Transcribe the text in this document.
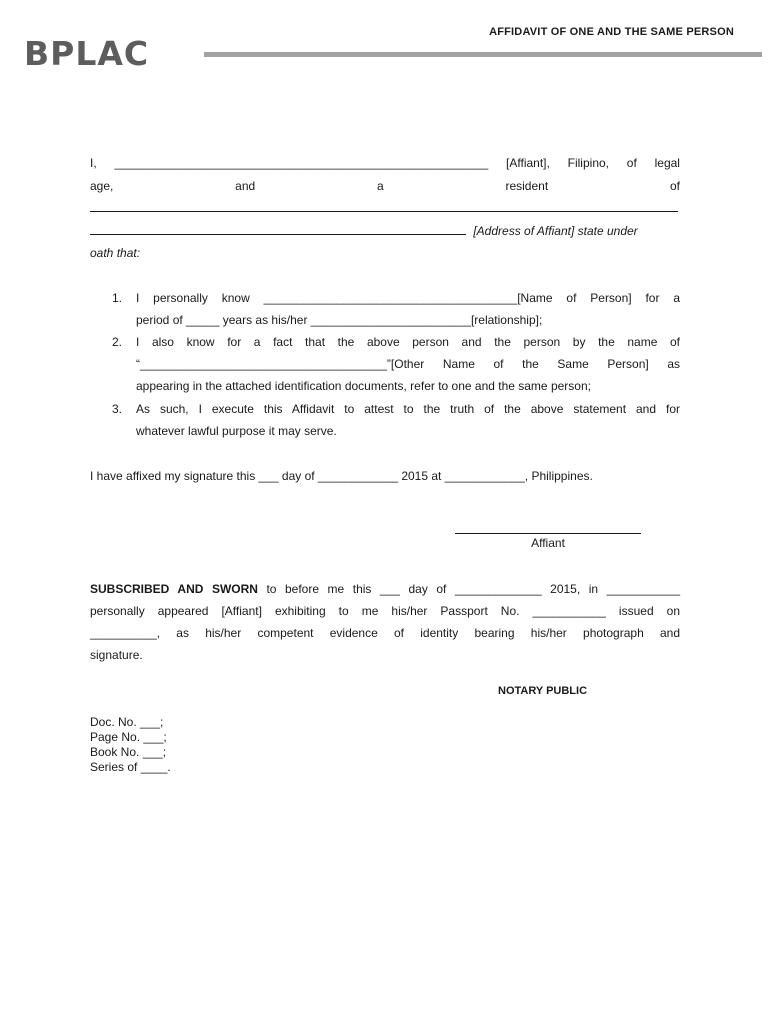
BPLAC
AFFIDAVIT OF ONE AND THE SAME PERSON
I, ________________________________________________________ [Affiant], Filipino, of legal
age,	and	a	resident	of
[Address of Affiant] state under
oath that:
1. I personally know ______________________________________[Name of Person] for a
period of _____ years as his/her ________________________[relationship];
2. I also know for a fact that the above person and the person by the name of
“_____________________________________”[Other Name of the Same Person] as
appearing in the attached identification documents, refer to one and the same person;
3. As such, I execute this Affidavit to attest to the truth of the above statement and for
whatever lawful purpose it may serve.
I have affixed my signature this ___ day of ____________ 2015 at ____________, Philippines.
Affiant
SUBSCRIBED AND SWORN to before me this ___ day of _____________ 2015, in ___________
personally appeared [Affiant] exhibiting to me his/her Passport No. ___________ issued on
__________, as his/her competent evidence of identity bearing his/her photograph and
signature.
NOTARY PUBLIC
Doc. No. ___;
Page No. ___;
Book No. ___;
Series of ____.
